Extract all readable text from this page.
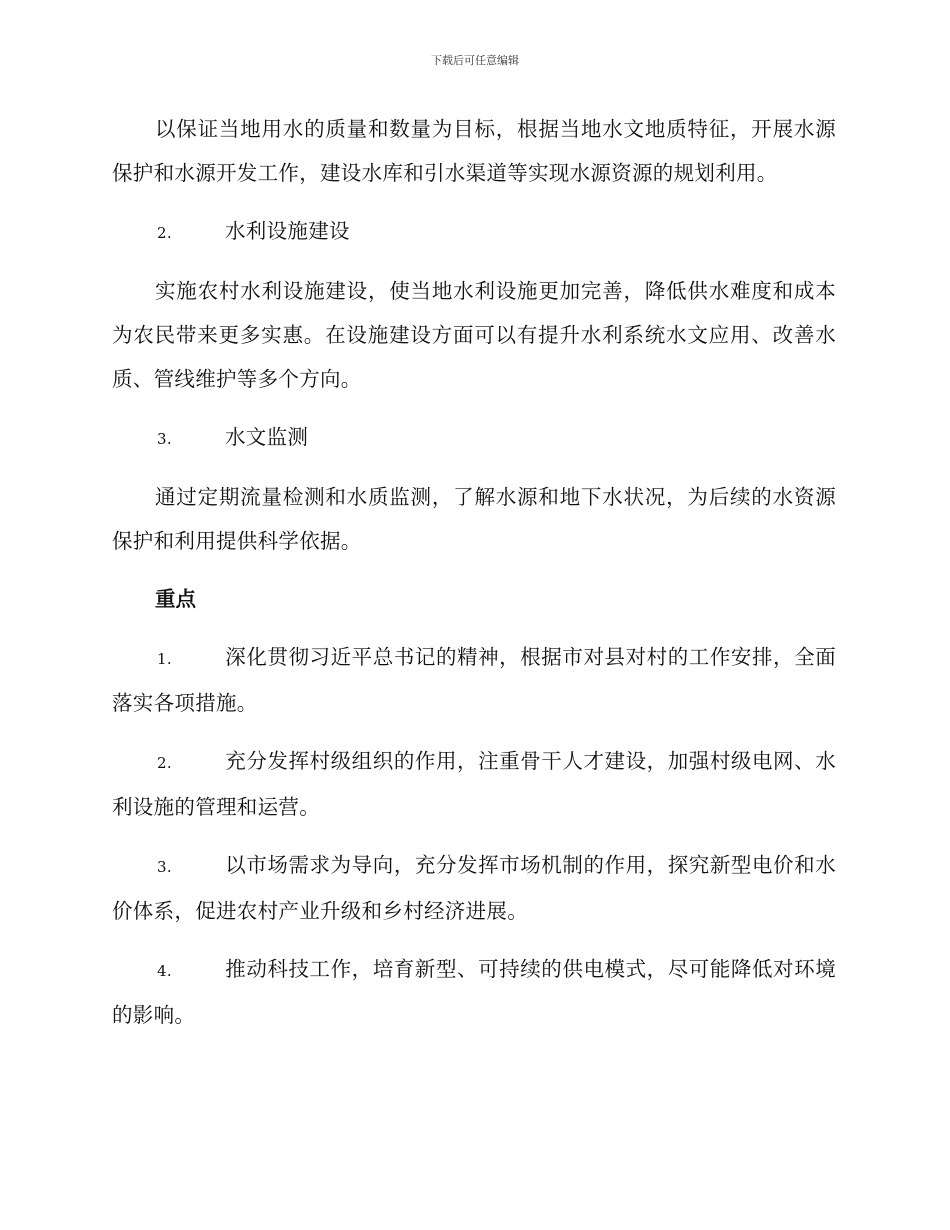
下载后可任意编辑

以保证当地用水的质量和数量为目标，根据当地水文地质特征，开展水源保护和水源开发工作，建设水库和引水渠道等实现水源资源的规划利用。

2.	水利设施建设

实施农村水利设施建设，使当地水利设施更加完善，降低供水难度和成本为农民带来更多实惠。在设施建设方面可以有提升水利系统水文应用、改善水质、管线维护等多个方向。

3.	水文监测

通过定期流量检测和水质监测，了解水源和地下水状况，为后续的水资源保护和利用提供科学依据。

重点

1.	深化贯彻习近平总书记的精神，根据市对县对村的工作安排，全面落实各项措施。

2.	充分发挥村级组织的作用，注重骨干人才建设，加强村级电网、水利设施的管理和运营。

3.	以市场需求为导向，充分发挥市场机制的作用，探究新型电价和水价体系，促进农村产业升级和乡村经济进展。

4.	推动科技工作，培育新型、可持续的供电模式，尽可能降低对环境的影响。
